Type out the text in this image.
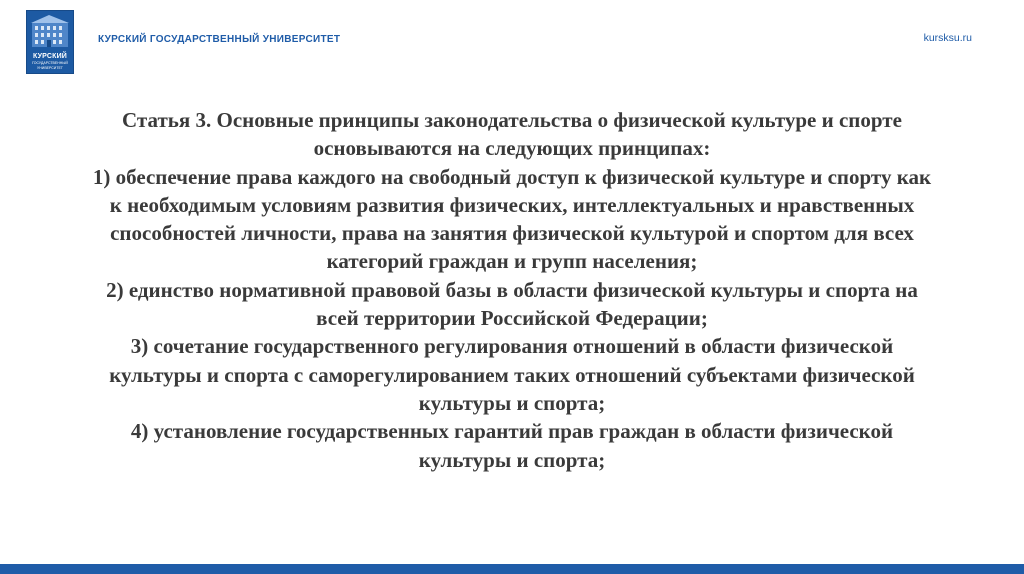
КУРСКИЙ
ГОСУДАРСТВЕННЫЙ УНИВЕРСИТЕТ
КУРСКИЙ ГОСУДАРСТВЕННЫЙ УНИВЕРСИТЕТ	kursksu.ru

Статья 3. Основные принципы законодательства о физической культуре и спорте

основываются на следующих принципах:

1) обеспечение права каждого на свободный доступ к физической культуре и спорту как

к необходимым условиям развития физических, интеллектуальных и нравственных

способностей личности, права на занятия физической культурой и спортом для всех

категорий граждан и групп населения;

2) единство нормативной правовой базы в области физической культуры и спорта на

всей территории Российской Федерации;

3) сочетание государственного регулирования отношений в области физической

культуры и спорта с саморегулированием таких отношений субъектами физической

культуры и спорта;

4) установление государственных гарантий прав граждан в области физической

культуры и спорта;
